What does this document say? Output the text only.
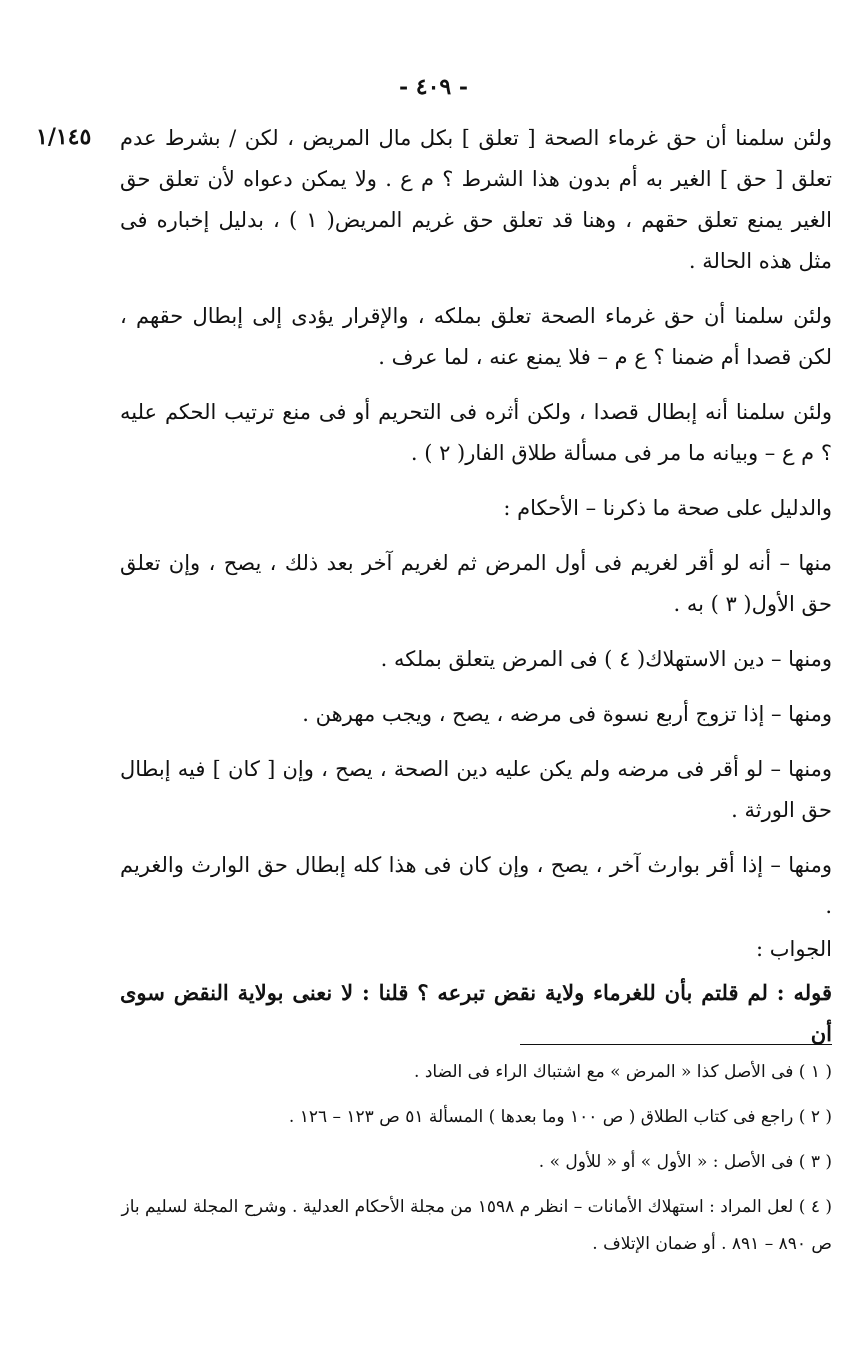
- ٤٠٩ -
١/١٤٥ ولئن سلمنا أن حق غرماء الصحة [ تعلق ] بكل مال المريض ، لكن / بشرط عدم تعلق [ حق ] الغير به أم بدون هذا الشرط ؟ م ع . ولا يمكن دعواه لأن تعلق حق الغير يمنع تعلق حقهم ، وهنا قد تعلق حق غريم المريض( ١ ) ، بدليل إخباره فى مثل هذه الحالة .

ولئن سلمنا أن حق غرماء الصحة تعلق بملكه ، والإقرار يؤدى إلى إبطال حقهم ، لكن قصدا أم ضمنا ؟ ع م – فلا يمنع عنه ، لما عرف .

ولئن سلمنا أنه إبطال قصدا ، ولكن أثره فى التحريم أو فى منع ترتيب الحكم عليه ؟ م ع – وبيانه ما مر فى مسألة طلاق الفار( ٢ ) .

والدليل على صحة ما ذكرنا – الأحكام :

منها – أنه لو أقر لغريم فى أول المرض ثم لغريم آخر بعد ذلك ، يصح ، وإن تعلق حق الأول( ٣ ) به .

ومنها – دين الاستهلاك( ٤ ) فى المرض يتعلق بملكه .

ومنها – إذا تزوج أربع نسوة فى مرضه ، يصح ، ويجب مهرهن .

ومنها – لو أقر فى مرضه ولم يكن عليه دين الصحة ، يصح ، وإن [ كان ] فيه إبطال حق الورثة .

ومنها – إذا أقر بوارث آخر ، يصح ، وإن كان فى هذا كله إبطال حق الوارث والغريم .

الجواب :

قوله : لم قلتم بأن للغرماء ولاية نقض تبرعه ؟ قلنا : لا نعنى بولاية النقض سوى أن

( ١ ) فى الأصل كذا « المرض » مع اشتباك الراء فى الضاد .

( ٢ ) راجع فى كتاب الطلاق ( ص ١٠٠ وما بعدها ) المسألة ٥١ ص ١٢٣ – ١٢٦ .

( ٣ ) فى الأصل : « الأول » أو « للأول » .

( ٤ ) لعل المراد : استهلاك الأمانات – انظر م ١٥٩٨ من مجلة الأحكام العدلية . وشرح المجلة لسليم باز ص ٨٩٠ – ٨٩١ . أو ضمان الإتلاف .
